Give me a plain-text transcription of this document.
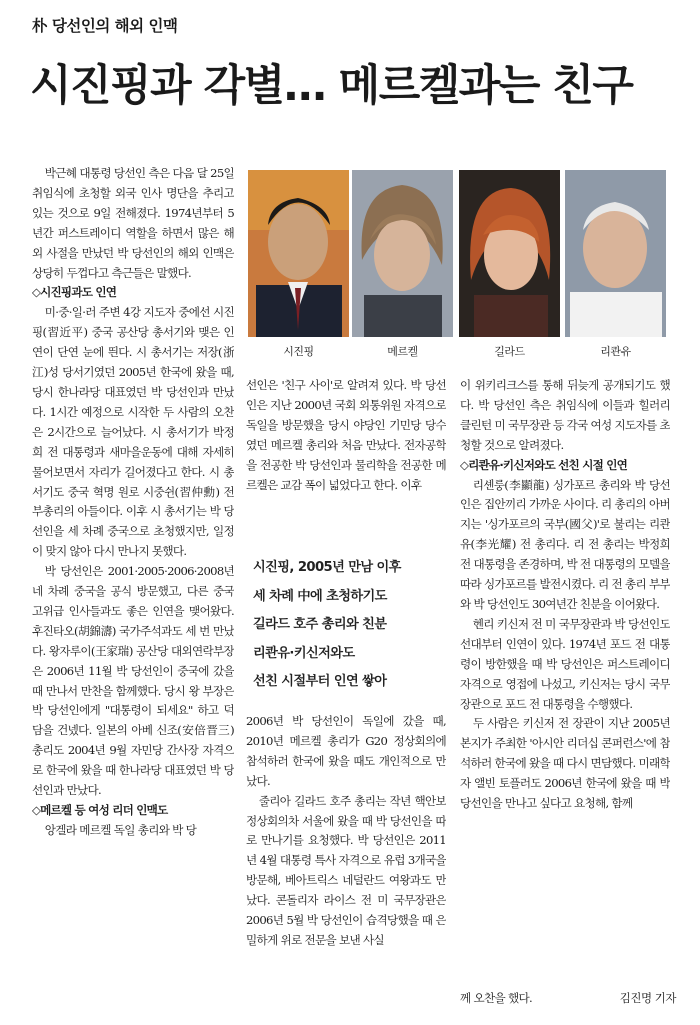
朴 당선인의 해외 인맥
시진핑과 각별… 메르켈과는 친구

박근혜 대통령 당선인 측은 다음 달 25일 취임식에 초청할 외국 인사 명단을 추리고 있는 것으로 9일 전해졌다. 1974년부터 5년간 퍼스트레이디 역할을 하면서 많은 해외 사절을 만났던 박 당선인의 해외 인맥은 상당히 두껍다고 측근들은 말했다.

◇시진핑과도 인연

미·중·일·러 주변 4강 지도자 중에선 시진핑(習近平) 중국 공산당 총서기와 맺은 인연이 단연 눈에 띈다. 시 총서기는 저장(浙江)성 당서기였던 2005년 한국에 왔을 때, 당시 한나라당 대표였던 박 당선인과 만났다. 1시간 예정으로 시작한 두 사람의 오찬은 2시간으로 늘어났다. 시 총서기가 박정희 전 대통령과 새마을운동에 대해 자세히 물어보면서 자리가 길어졌다고 한다. 시 총서기도 중국 혁명 원로 시중쉰(習仲勳) 전 부총리의 아들이다. 이후 시 총서기는 박 당선인을 세 차례 중국으로 초청했지만, 일정이 맞지 않아 다시 만나지 못했다.

박 당선인은 2001·2005·2006·2008년 네 차례 중국을 공식 방문했고, 다른 중국 고위급 인사들과도 좋은 인연을 맺어왔다. 후진타오(胡錦濤) 국가주석과도 세 번 만났다. 왕자루이(王家瑞) 공산당 대외연락부장은 2006년 11월 박 당선인이 중국에 갔을 때 만나서 만찬을 함께했다. 당시 왕 부장은 박 당선인에게 "대통령이 되세요" 하고 덕담을 건넸다. 일본의 아베 신조(安倍晋三) 총리도 2004년 9월 자민당 간사장 자격으로 한국에 왔을 때 한나라당 대표였던 박 당선인과 만났다.

◇메르켈 등 여성 리더 인맥도

앙겔라 메르켈 독일 총리와 박 당

시진핑	메르켈	길라드	리콴유

선인은 '친구 사이'로 알려져 있다. 박 당선인은 지난 2000년 국회 외통위원 자격으로 독일을 방문했을 당시 야당인 기민당 당수였던 메르켈 총리와 처음 만났다. 전자공학을 전공한 박 당선인과 물리학을 전공한 메르켈은 교감 폭이 넓었다고 한다. 이후

시진핑, 2005년 만남 이후
세 차례 中에 초청하기도
길라드 호주 총리와 친분
리콴유·키신저와도
선친 시절부터 인연 쌓아

2006년 박 당선인이 독일에 갔을 때, 2010년 메르켈 총리가 G20 정상회의에 참석하러 한국에 왔을 때도 개인적으로 만났다.

줄리아 길라드 호주 총리는 작년 핵안보정상회의차 서울에 왔을 때 박 당선인을 따로 만나기를 요청했다. 박 당선인은 2011년 4월 대통령 특사 자격으로 유럽 3개국을 방문해, 베아트릭스 네덜란드 여왕과도 만났다. 콘돌리자 라이스 전 미 국무장관은 2006년 5월 박 당선인이 습격당했을 때 은밀하게 위로 전문을 보낸 사실

이 위키리크스를 통해 뒤늦게 공개되기도 했다. 박 당선인 측은 취임식에 이들과 힐러리 클린턴 미 국무장관 등 각국 여성 지도자를 초청할 것으로 알려졌다.

◇리콴유·키신저와도 선친 시절 인연

리셴룽(李顯龍) 싱가포르 총리와 박 당선인은 집안끼리 가까운 사이다. 리 총리의 아버지는 '싱가포르의 국부(國父)'로 불리는 리콴유(李光耀) 전 총리다. 리 전 총리는 박정희 전 대통령을 존경하며, 박 전 대통령의 모델을 따라 싱가포르를 발전시켰다. 리 전 총리 부부와 박 당선인도 30여년간 친분을 이어왔다.

헨리 키신저 전 미 국무장관과 박 당선인도 선대부터 인연이 있다. 1974년 포드 전 대통령이 방한했을 때 박 당선인은 퍼스트레이디 자격으로 영접에 나섰고, 키신저는 당시 국무장관으로 포드 전 대통령을 수행했다.

두 사람은 키신저 전 장관이 지난 2005년 본지가 주최한 '아시안 리더십 콘퍼런스'에 참석하러 한국에 왔을 때 다시 면담했다. 미래학자 앨빈 토플러도 2006년 한국에 왔을 때 박 당선인을 만나고 싶다고 요청해, 함께

께 오찬을 했다.	김진명 기자
